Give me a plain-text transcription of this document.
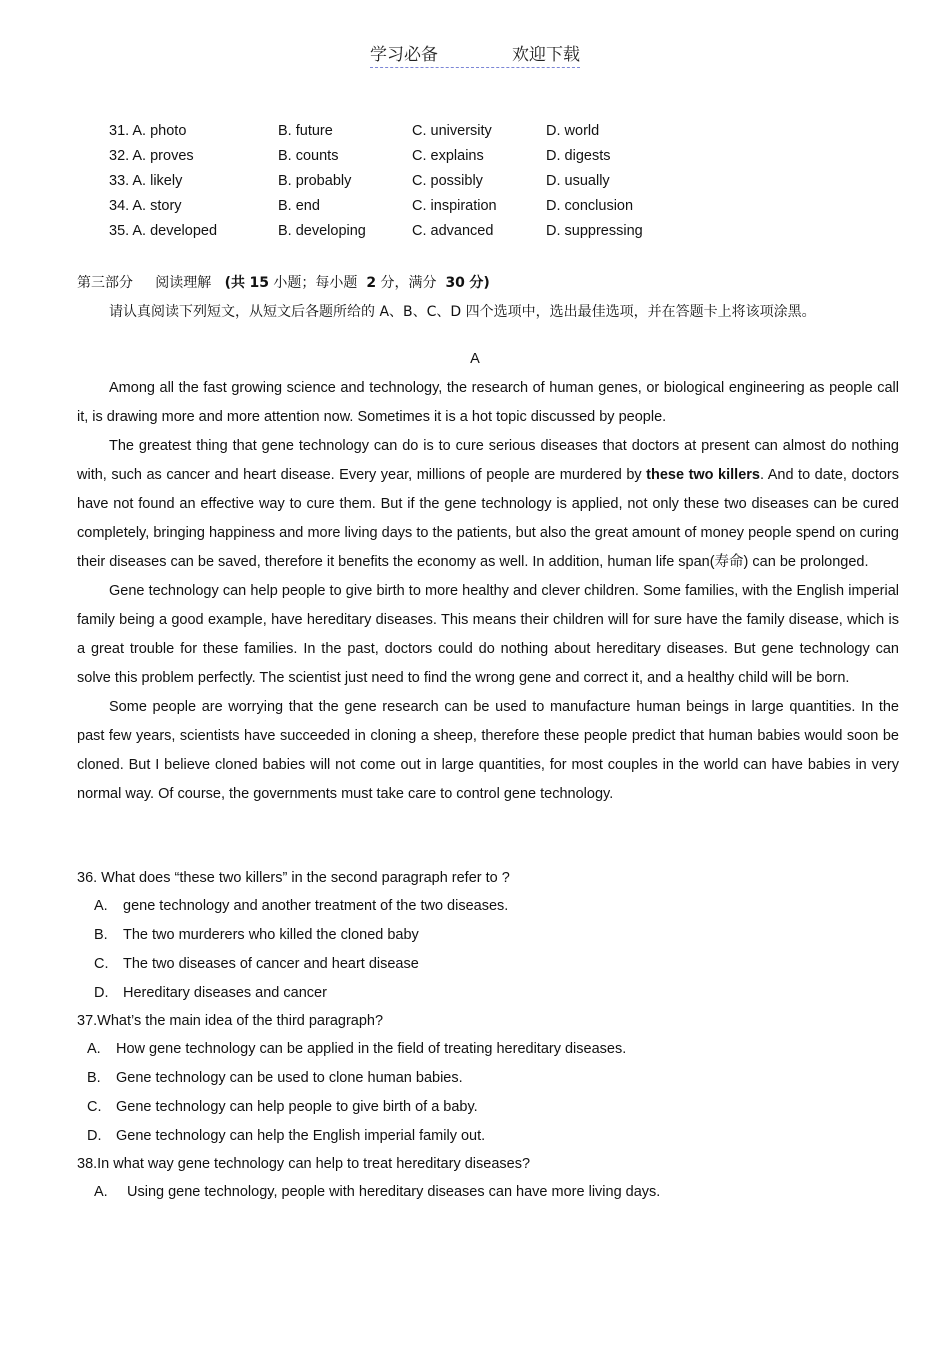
学习必备	欢迎下载
31. A. photo	B. future	C. university	D. world
32. A. proves	B. counts	C. explains	D. digests
33. A. likely	B. probably	C. possibly	D. usually
34. A. story	B. end	C. inspiration	D. conclusion
35. A. developed	B. developing	C. advanced	D. suppressing
第三部分 阅读理解 (共 15 小题；每小题 2 分，满分 30 分)
请认真阅读下列短文，从短文后各题所给的 A、B、C、D 四个选项中，选出最佳选项，并在答题卡上将该项涂黑。
A

Among all the fast growing science and technology, the research of human genes, or biological engineering as people call it, is drawing more and more attention now. Sometimes it is a hot topic discussed by people.

The greatest thing that gene technology can do is to cure serious diseases that doctors at present can almost do nothing with, such as cancer and heart disease. Every year, millions of people are murdered by these two killers. And to date, doctors have not found an effective way to cure them. But if the gene technology is applied, not only these two diseases can be cured completely, bringing happiness and more living days to the patients, but also the great amount of money people spend on curing their diseases can be saved, therefore it benefits the economy as well. In addition, human life span(寿命) can be prolonged.

Gene technology can help people to give birth to more healthy and clever children. Some families, with the English imperial family being a good example, have hereditary diseases. This means their children will for sure have the family disease, which is a great trouble for these families. In the past, doctors could do nothing about hereditary diseases. But gene technology can solve this problem perfectly. The scientist just need to find the wrong gene and correct it, and a healthy child will be born.

Some people are worrying that the gene research can be used to manufacture human beings in large quantities. In the past few years, scientists have succeeded in cloning a sheep, therefore these people predict that human babies would soon be cloned. But I believe cloned babies will not come out in large quantities, for most couples in the world can have babies in very normal way. Of course, the governments must take care to control gene technology.

36. What does “these two killers” in the second paragraph refer to ?
A.	gene technology and another treatment of the two diseases.
B.	The two murderers who killed the cloned baby
C.	The two diseases of cancer and heart disease
D.	Hereditary diseases and cancer
37.What’s the main idea of the third paragraph?
A.	How gene technology can be applied in the field of treating hereditary diseases.
B.	Gene technology can be used to clone human babies.
C.	Gene technology can help people to give birth of a baby.
D.	Gene technology can help the English imperial family out.
38.In what way gene technology can help to treat hereditary diseases?
A.	Using gene technology, people with hereditary diseases can have more living days.
